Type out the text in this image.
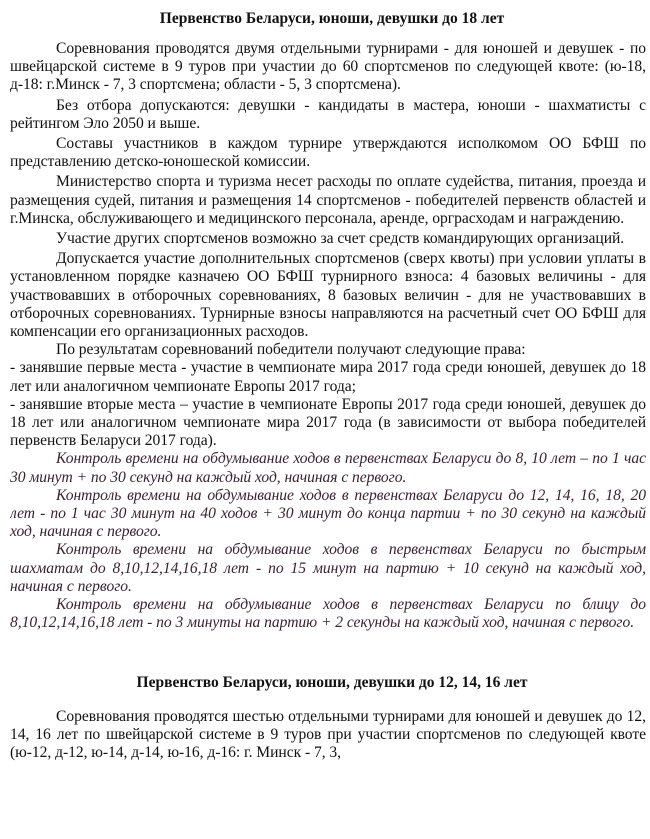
Первенство Беларуси, юноши, девушки до 18 лет

Соревнования проводятся двумя отдельными турнирами - для юношей и девушек - по швейцарской системе в 9 туров при участии до 60 спортсменов по следующей квоте: (ю-18, д-18: г.Минск - 7, 3 спортсмена; области - 5, 3 спортсмена).

Без отбора допускаются: девушки - кандидаты в мастера, юноши - шахматисты с рейтингом Эло 2050 и выше.

Составы участников в каждом турнире утверждаются исполкомом ОО БФШ по представлению детско-юношеской комиссии.

Министерство спорта и туризма несет расходы по оплате судейства, питания, проезда и размещения судей, питания и размещения 14 спортсменов - победителей первенств областей и г.Минска, обслуживающего и медицинского персонала, аренде, орграсходам и награждению.

Участие других спортсменов возможно за счет средств командирующих организаций.

Допускается участие дополнительных спортсменов (сверх квоты) при условии уплаты в установленном порядке казначею ОО БФШ турнирного взноса: 4 базовых величины - для участвовавших в отборочных соревнованиях, 8 базовых величин - для не участвовавших в отборочных соревнованиях. Турнирные взносы направляются на расчетный счет ОО БФШ для компенсации его организационных расходов.

По результатам соревнований победители получают следующие права:

- занявшие первые места - участие в чемпионате мира 2017 года среди юношей, девушек до 18 лет или аналогичном чемпионате Европы 2017 года;

- занявшие вторые места – участие в чемпионате Европы 2017 года среди юношей, девушек до 18 лет или аналогичном чемпионате мира 2017 года (в зависимости от выбора победителей первенств Беларуси 2017 года).

Контроль времени на обдумывание ходов в первенствах Беларуси до 8, 10 лет – по 1 час 30 минут + по 30 секунд на каждый ход, начиная с первого.

Контроль времени на обдумывание ходов в первенствах Беларуси до 12, 14, 16, 18, 20 лет - по 1 час 30 минут на 40 ходов + 30 минут до конца партии + по 30 секунд на каждый ход, начиная с первого.

Контроль времени на обдумывание ходов в первенствах Беларуси по быстрым шахматам до 8,10,12,14,16,18 лет - по 15 минут на партию + 10 секунд на каждый ход, начиная с первого.

Контроль времени на обдумывание ходов в первенствах Беларуси по блицу до 8,10,12,14,16,18 лет - по 3 минуты на партию + 2 секунды на каждый ход, начиная с первого.

Первенство Беларуси, юноши, девушки до 12, 14, 16 лет

Соревнования проводятся шестью отдельными турнирами для юношей и девушек до 12, 14, 16 лет по швейцарской системе в 9 туров при участии спортсменов по следующей квоте (ю-12, д-12, ю-14, д-14, ю-16, д-16: г. Минск - 7, 3,
